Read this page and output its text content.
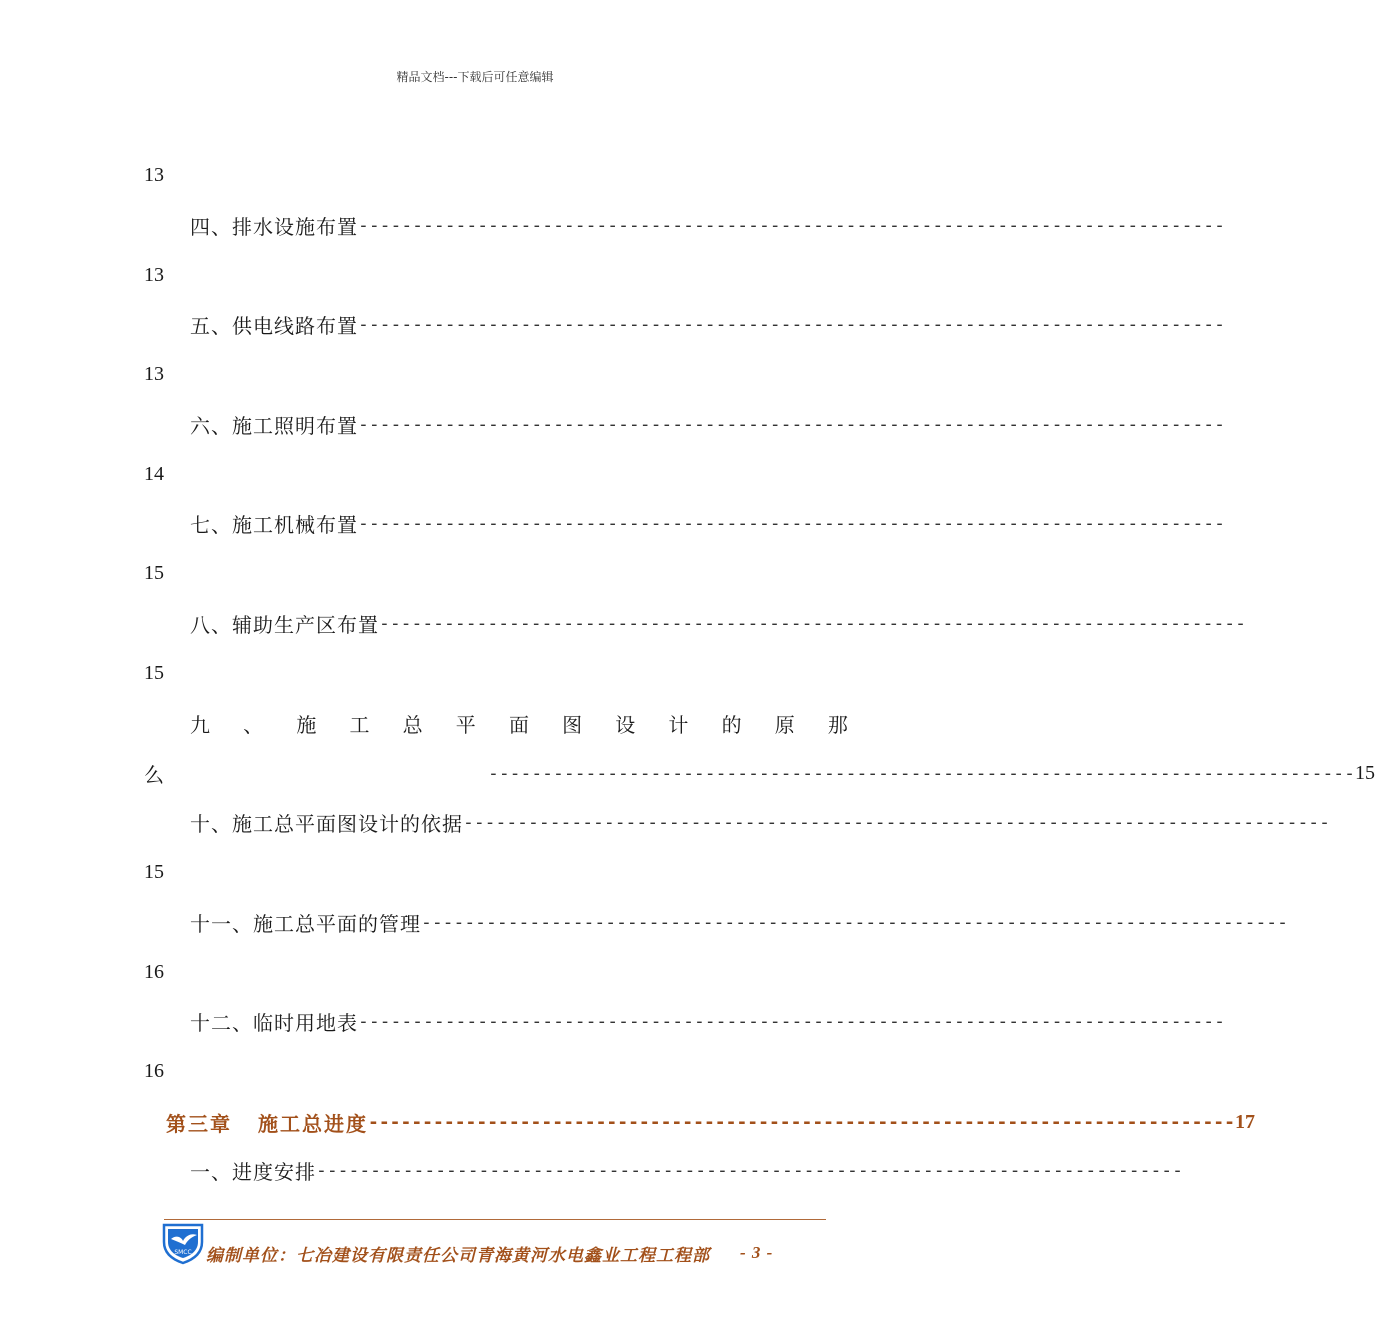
精品文档---下载后可任意编辑
13
四、排水设施布置 --------------------------------------------------------------------------------
13
五、供电线路布置 --------------------------------------------------------------------------------
13
六、施工照明布置 --------------------------------------------------------------------------------
14
七、施工机械布置 --------------------------------------------------------------------------------
15
八、辅助生产区布置 --------------------------------------------------------------------------------
15
九 、 施 工 总 平 面 图 设 计 的 原 那
么	-------------------------------------------------------------------------------- 15
十、施工总平面图设计的依据 --------------------------------------------------------------------------------
15
十一、施工总平面的管理 --------------------------------------------------------------------------------
16
十二、临时用地表 --------------------------------------------------------------------------------
16
第三章 施工总进度 -------------------------------------------------------------------------------- 17
一、进度安排 --------------------------------------------------------------------------------
SMCC 编制单位：七冶建设有限责任公司青海黄河水电鑫业工程工程部 - 3 -
